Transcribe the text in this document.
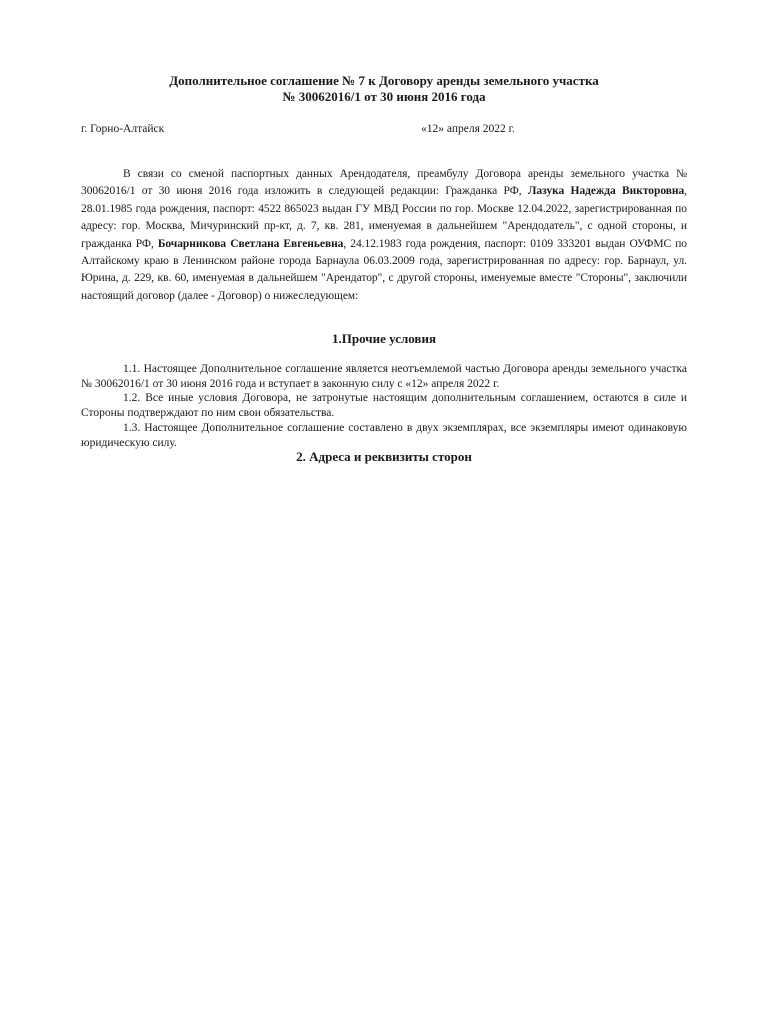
Дополнительное соглашение № 7 к Договору аренды земельного участка

№ 30062016/1 от 30 июня 2016 года

г. Горно-Алтайск	«12» апреля 2022 г.

В связи со сменой паспортных данных Арендодателя, преамбулу Договора аренды земельного участка № 30062016/1 от 30 июня 2016 года изложить в следующей редакции: Гражданка РФ, Лазука Надежда Викторовна, 28.01.1985 года рождения, паспорт: 4522 865023 выдан ГУ МВД России по гор. Москве 12.04.2022, зарегистрированная по адресу: гор. Москва, Мичуринский пр-кт, д. 7, кв. 281, именуемая в дальнейшем "Арендодатель", с одной стороны, и гражданка РФ, Бочарникова Светлана Евгеньевна, 24.12.1983 года рождения, паспорт: 0109 333201 выдан ОУФМС по Алтайскому краю в Ленинском районе города Барнаула 06.03.2009 года, зарегистрированная по адресу: гор. Барнаул, ул. Юрина, д. 229, кв. 60, именуемая в дальнейшем "Арендатор", с другой стороны, именуемые вместе "Стороны", заключили настоящий договор (далее - Договор) о нижеследующем:

1.Прочие условия

1.1. Настоящее Дополнительное соглашение является неотъемлемой частью Договора аренды земельного участка № 30062016/1 от 30 июня 2016 года и вступает в законную силу с «12» апреля 2022 г.

1.2. Все иные условия Договора, не затронутые настоящим дополнительным соглашением, остаются в силе и Стороны подтверждают по ним свои обязательства.

1.3. Настоящее Дополнительное соглашение составлено в двух экземплярах, все экземпляры имеют одинаковую юридическую силу.

2. Адреса и реквизиты сторон
